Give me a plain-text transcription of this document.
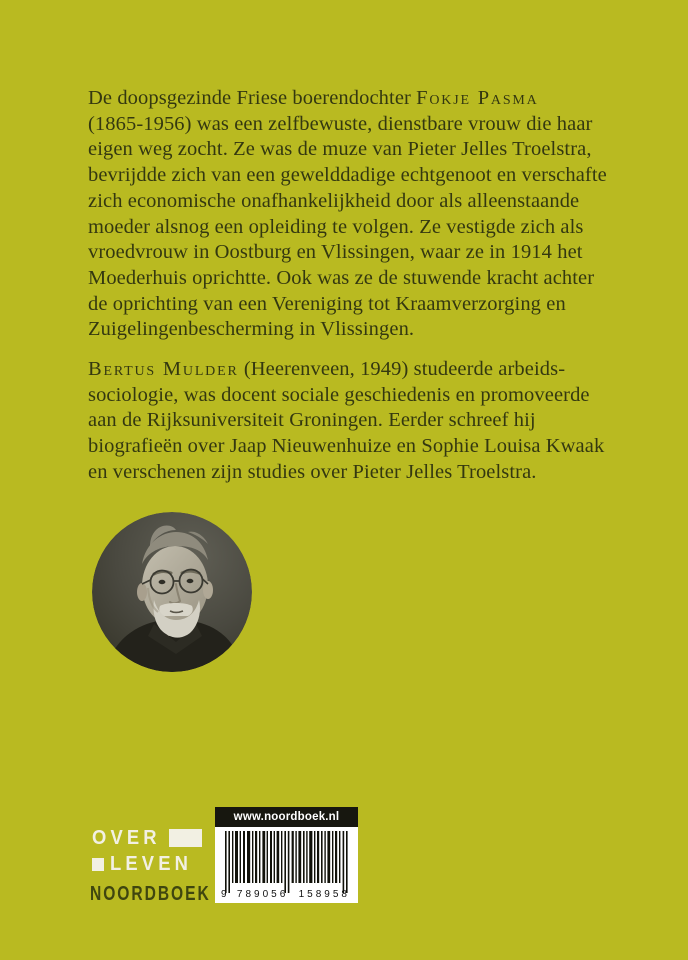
De doopsgezinde Friese boerendochter Fokje Pasma
(1865-1956) was een zelfbewuste, dienstbare vrouw die haar
eigen weg zocht. Ze was de muze van Pieter Jelles Troelstra,
bevrijdde zich van een gewelddadige echtgenoot en verschafte
zich economische onafhankelijkheid door als alleenstaande
moeder alsnog een opleiding te volgen. Ze vestigde zich als
vroedvrouw in Oostburg en Vlissingen, waar ze in 1914 het
Moederhuis oprichtte. Ook was ze de stuwende kracht achter
de oprichting van een Vereniging tot Kraamverzorging en
Zuigelingenbescherming in Vlissingen.
Bertus Mulder (Heerenveen, 1949) studeerde arbeids-
sociologie, was docent sociale geschiedenis en promoveerde
aan de Rijksuniversiteit Groningen. Eerder schreef hij
biografieën over Jaap Nieuwenhuize en Sophie Louisa Kwaak
en verschenen zijn studies over Pieter Jelles Troelstra.
OVER
LEVEN
NOORDBOEK
www.noordboek.nl
9 789056 158958
